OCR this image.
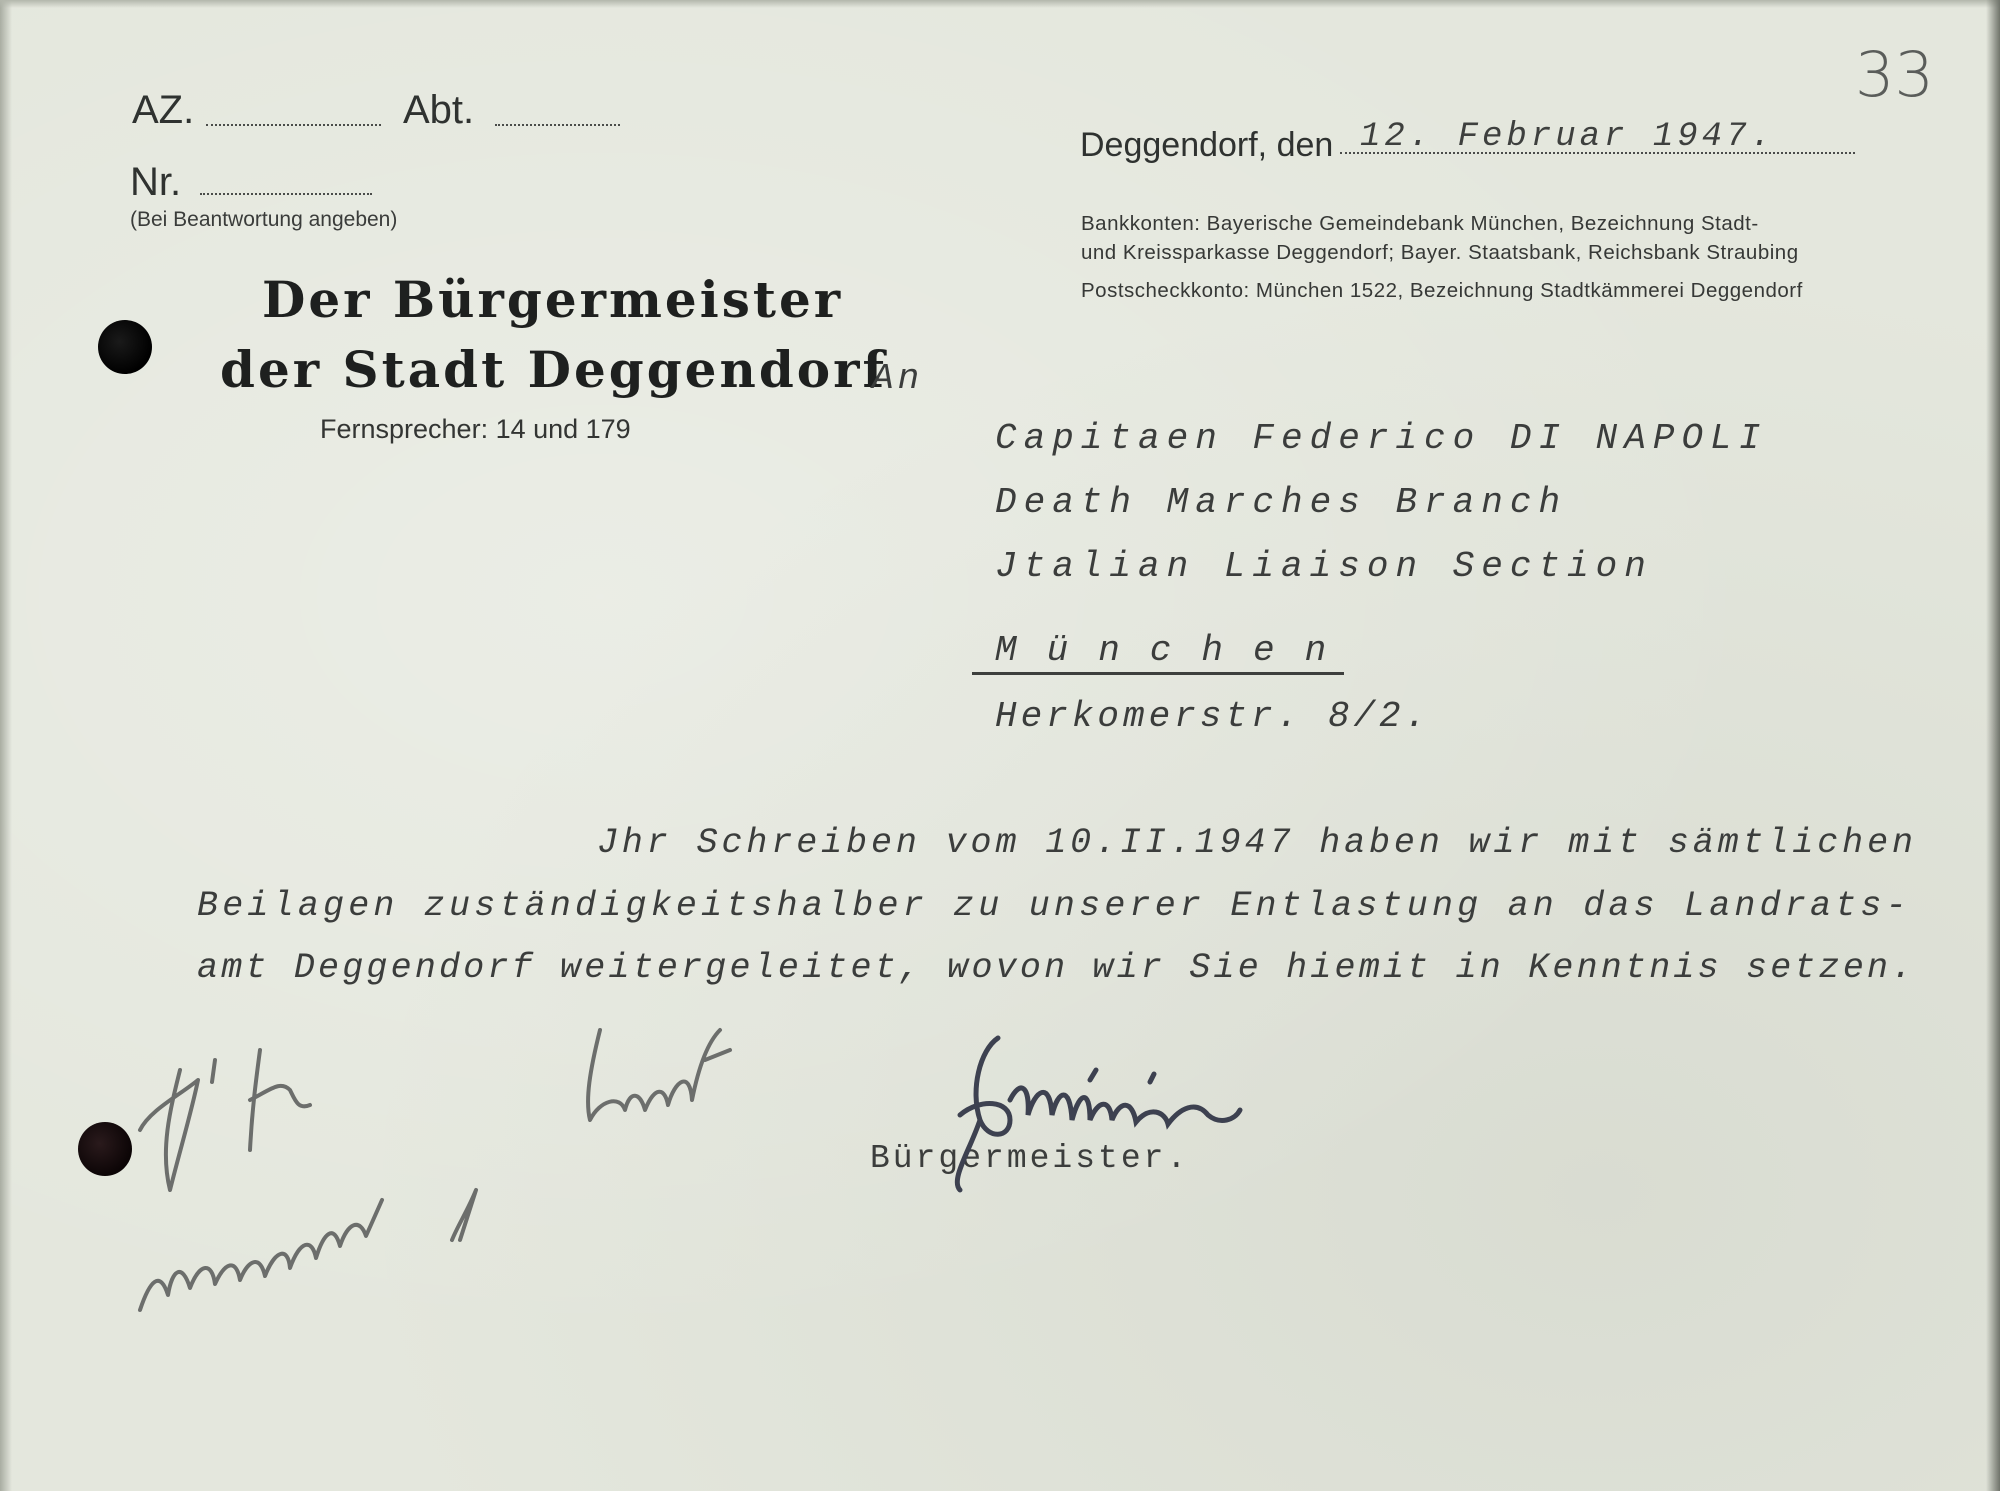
AZ.	Abt.
Nr.
(Bei Beantwortung angeben)
Der Bürgermeister
der Stadt Deggendorf
Fernsprecher: 14 und 179
33
Deggendorf, den 12. Februar 1947.
Bankkonten: Bayerische Gemeindebank München, Bezeichnung Stadt-
und Kreissparkasse Deggendorf; Bayer. Staatsbank, Reichsbank Straubing
Postscheckkonto: München 1522, Bezeichnung Stadtkämmerei Deggendorf
An
Capitaen Federico DI NAPOLI
Death Marches Branch
Jtalian Liaison Section
München
Herkomerstr. 8/2.
Jhr Schreiben vom 10.II.1947 haben wir mit sämtlichen
Beilagen zuständigkeitshalber zu unserer Entlastung an das Landrats-
amt Deggendorf weitergeleitet, wovon wir Sie hiemit in Kenntnis setzen.
Bürgermeister.
